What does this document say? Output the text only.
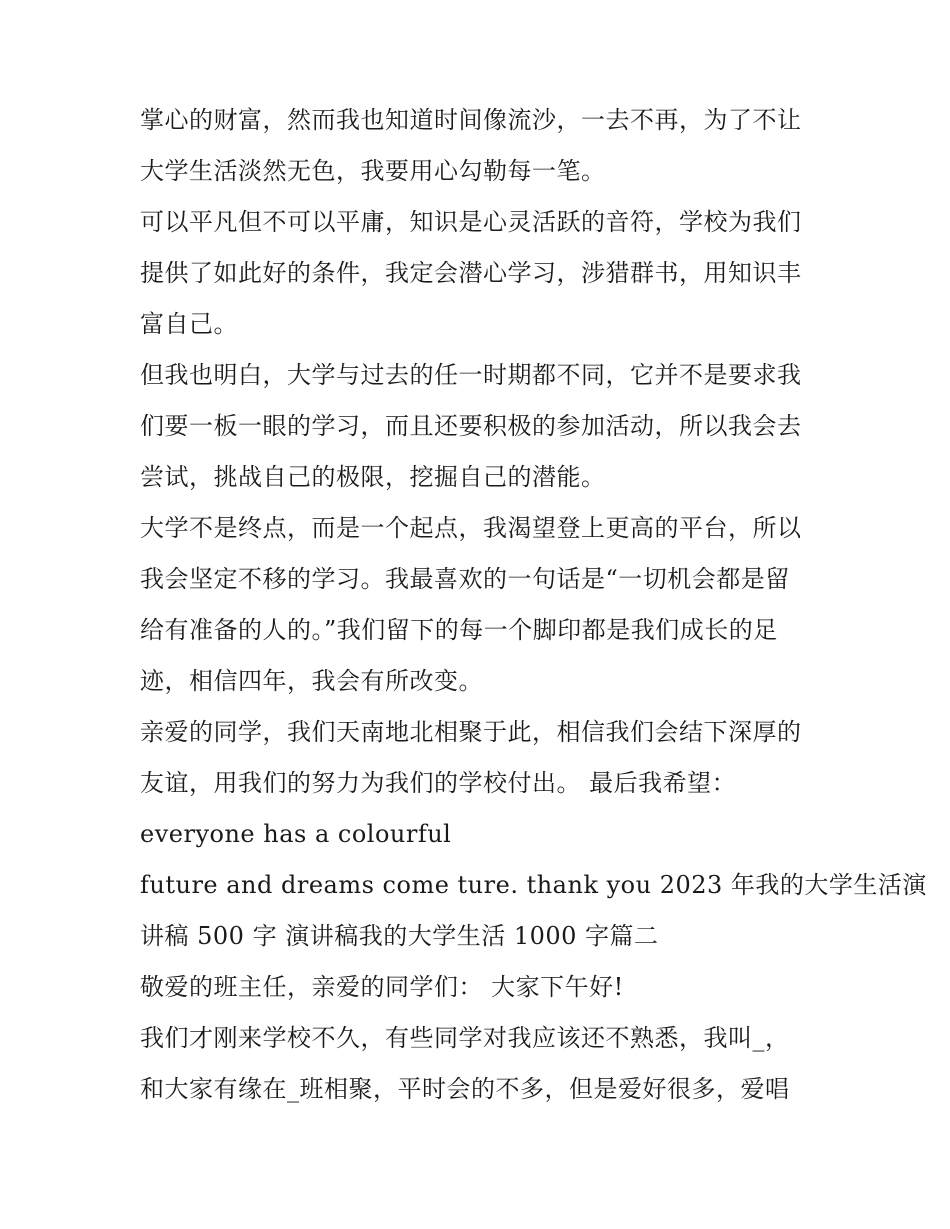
掌心的财富，然而我也知道时间像流沙，一去不再，为了不让
大学生活淡然无色，我要用心勾勒每一笔。
可以平凡但不可以平庸，知识是心灵活跃的音符，学校为我们
提供了如此好的条件，我定会潜心学习，涉猎群书，用知识丰
富自己。
但我也明白，大学与过去的任一时期都不同，它并不是要求我
们要一板一眼的学习，而且还要积极的参加活动，所以我会去
尝试，挑战自己的极限，挖掘自己的潜能。
大学不是终点，而是一个起点，我渴望登上更高的平台，所以
我会坚定不移的学习。我最喜欢的一句话是“一切机会都是留
给有准备的人的。”我们留下的每一个脚印都是我们成长的足
迹，相信四年，我会有所改变。
亲爱的同学，我们天南地北相聚于此，相信我们会结下深厚的
友谊，用我们的努力为我们的学校付出。 最后我希望：
everyone has a colourful
future and dreams come ture. thank you 2023 年我的大学生活演
讲稿 500 字 演讲稿我的大学生活 1000 字篇二
敬爱的班主任，亲爱的同学们： 大家下午好!
我们才刚来学校不久，有些同学对我应该还不熟悉，我叫_，
和大家有缘在_班相聚，平时会的不多，但是爱好很多，爱唱
